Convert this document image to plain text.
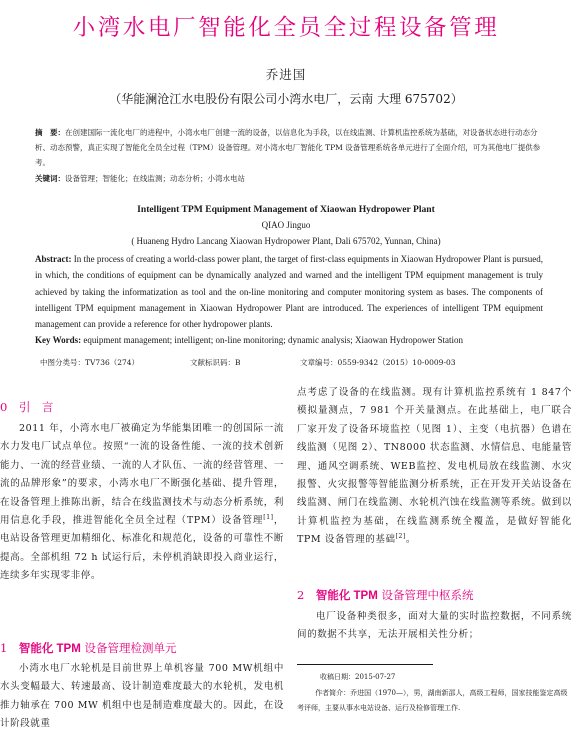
小湾水电厂智能化全员全过程设备管理
乔进国
（华能澜沧江水电股份有限公司小湾水电厂，云南 大理 675702）
摘　要：在创建国际一流化电厂的进程中，小湾水电厂创建一流的设备，以信息化为手段，以在线监测、计算机监控系统为基础，对设备状态进行动态分析、动态预警，真正实现了智能化全员全过程（TPM）设备管理。对小湾水电厂智能化 TPM 设备管理系统各单元进行了全面介绍，可为其他电厂提供参考。
关键词：设备管理；智能化；在线监测；动态分析；小湾水电站
Intelligent TPM Equipment Management of Xiaowan Hydropower Plant
QIAO Jinguo
( Huaneng Hydro Lancang Xiaowan Hydropower Plant, Dali 675702, Yunnan, China)
Abstract: In the process of creating a world-class power plant, the target of first-class equipments in Xiaowan Hydropower Plant is pursued, in which, the conditions of equipment can be dynamically analyzed and warned and the intelligent TPM equipment management is truly achieved by taking the informatization as tool and the on-line monitoring and computer monitoring system as bases. The components of intelligent TPM equipment management in Xiaowan Hydropower Plant are introduced. The experiences of intelligent TPM equipment management can provide a reference for other hydropower plants.
Key Words: equipment management; intelligent; on-line monitoring; dynamic analysis; Xiaowan Hydropower Station
中图分类号：TV736（274）	文献标识码：B	文章编号：0559-9342（2015）10-0009-03
0　引　言
2011 年，小湾水电厂被确定为华能集团唯一的创国际一流水力发电厂试点单位。按照“一流的设备性能、一流的技术创新能力、一流的经营业绩、一流的人才队伍、一流的经营管理、一流的品牌形象”的要求，小湾水电厂不断强化基础、提升管理，在设备管理上推陈出新，结合在线监测技术与动态分析系统，利用信息化手段，推进智能化全员全过程（TPM）设备管理[1]，电站设备管理更加精细化、标准化和规范化，设备的可靠性不断提高。全部机组 72 h 试运行后，未停机消缺即投入商业运行，连续多年实现零非停。
1　智能化 TPM 设备管理检测单元
小湾水电厂水轮机是目前世界上单机容量 700 MW机组中水头变幅最大、转速最高、设计制造难度最大的水轮机，发电机推力轴承在 700 MW 机组中也是制造难度最大的。因此，在设计阶段就重
点考虑了设备的在线监测。现有计算机监控系统有 1 847个模拟量测点，7 981 个开关量测点。在此基础上，电厂联合厂家开发了设备环境监控（见图 1）、主变（电抗器）色谱在线监测（见图 2）、TN8000 状态监测、水情信息、电能量管理、通风空调系统、WEB监控、发电机局放在线监测、水灾报警、火灾报警等智能监测分析系统，正在开发开关站设备在线监测、闸门在线监测、水轮机汽蚀在线监测等系统。做到以计算机监控为基础，在线监测系统全覆盖，是做好智能化 TPM 设备管理的基础[2]。
2　智能化 TPM 设备管理中枢系统
电厂设备种类很多，面对大量的实时监控数据，不同系统间的数据不共享，无法开展相关性分析；
收稿日期：2015-07-27
作者简介：乔进国（1970—），男，湖南新邵人，高级工程师，国家技能鉴定高级考评师，主要从事水电站设备、运行及检修管理工作.
